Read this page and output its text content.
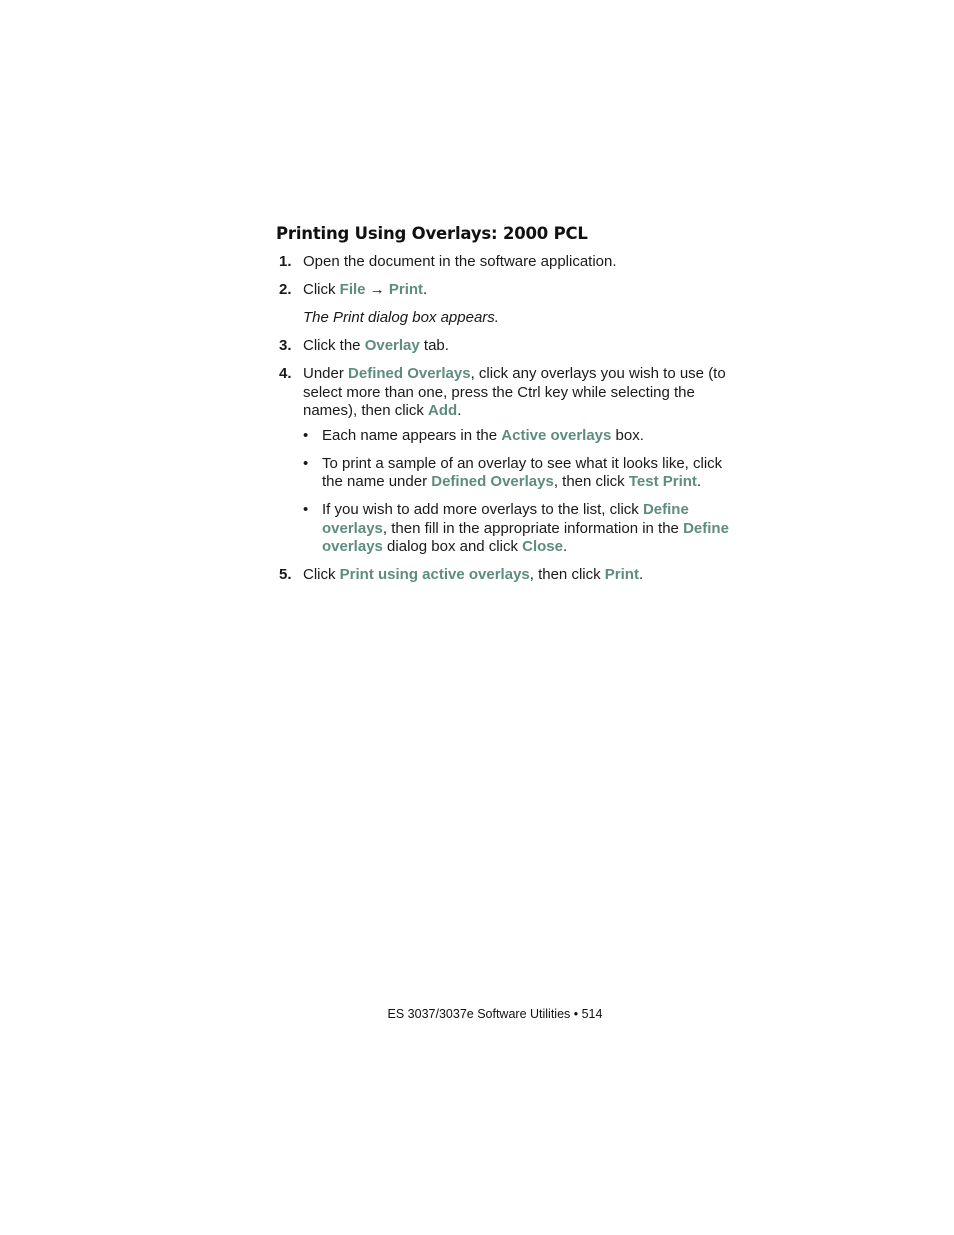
Printing Using Overlays: 2000 PCL
1. Open the document in the software application.
2. Click File → Print.
The Print dialog box appears.
3. Click the Overlay tab.
4. Under Defined Overlays, click any overlays you wish to use (to select more than one, press the Ctrl key while selecting the names), then click Add.
• Each name appears in the Active overlays box.
• To print a sample of an overlay to see what it looks like, click the name under Defined Overlays, then click Test Print.
• If you wish to add more overlays to the list, click Define overlays, then fill in the appropriate information in the Define overlays dialog box and click Close.
5. Click Print using active overlays, then click Print.
ES 3037/3037e Software Utilities • 514
